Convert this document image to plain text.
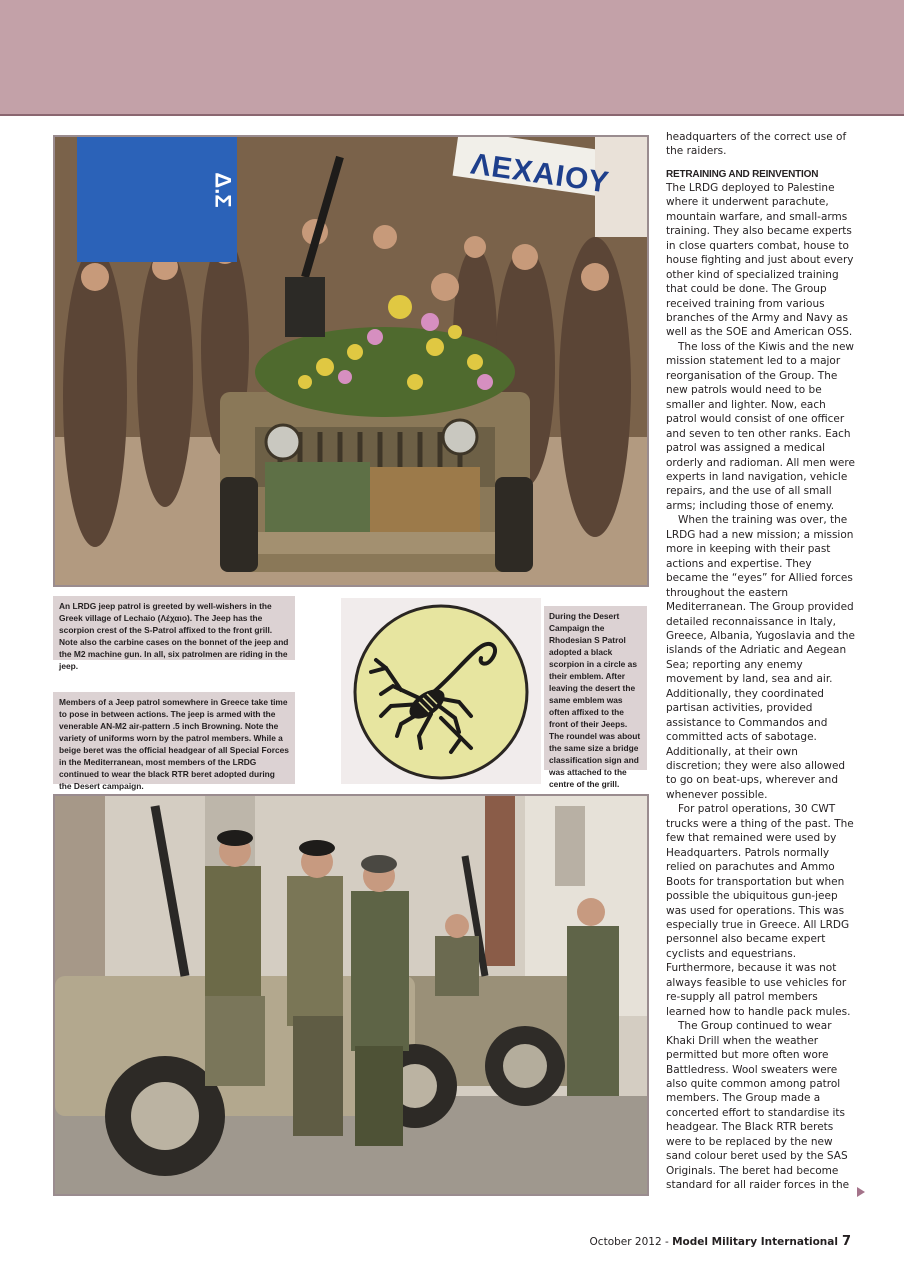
ΛΕΧΑΙΟΥ
Δ.Σ
An LRDG jeep patrol is greeted by well-wishers in the Greek village of Lechaio (Λέχαιο). The Jeep has the scorpion crest of the S-Patrol affixed to the front grill. Note also the carbine cases on the bonnet of the jeep and the M2 machine gun. In all, six patrolmen are riding in the jeep.
Members of a Jeep patrol somewhere in Greece take time to pose in between actions. The jeep is armed with the venerable AN-M2 air-pattern .5 inch Browning. Note the variety of uniforms worn by the patrol members. While a beige beret was the official headgear of all Special Forces in the Mediterranean, most members of the LRDG continued to wear the black RTR beret adopted during the Desert campaign.
During the Desert Campaign the Rhodesian S Patrol adopted a black scorpion in a circle as their emblem. After leaving the desert the same emblem was often affixed to the front of their Jeeps. The roundel was about the same size a bridge classification sign and was attached to the centre of the grill.

headquarters of the correct use of the raiders.

RETRAINING AND REINVENTION

The LRDG deployed to Palestine where it underwent parachute, mountain warfare, and small-arms training. They also became experts in close quarters combat, house to house fighting and just about every other kind of specialized training that could be done. The Group received training from various branches of the Army and Navy as well as the SOE and American OSS.

The loss of the Kiwis and the new mission statement led to a major reorganisation of the Group. The new patrols would need to be smaller and lighter. Now, each patrol would consist of one officer and seven to ten other ranks. Each patrol was assigned a medical orderly and radioman. All men were experts in land navigation, vehicle repairs, and the use of all small arms; including those of enemy.

When the training was over, the LRDG had a new mission; a mission more in keeping with their past actions and expertise. They became the “eyes” for Allied forces throughout the eastern Mediterranean. The Group provided detailed reconnaissance in Italy, Greece, Albania, Yugoslavia and the islands of the Adriatic and Aegean Sea; reporting any enemy movement by land, sea and air. Additionally, they coordinated partisan activities, provided assistance to Commandos and committed acts of sabotage. Additionally, at their own discretion; they were also allowed to go on beat-ups, wherever and whenever possible.

For patrol operations, 30 CWT trucks were a thing of the past. The few that remained were used by Headquarters. Patrols normally relied on parachutes and Ammo Boots for transportation but when possible the ubiquitous gun-jeep was used for operations. This was especially true in Greece. All LRDG personnel also became expert cyclists and equestrians. Furthermore, because it was not always feasible to use vehicles for re-supply all patrol members learned how to handle pack mules.

The Group continued to wear Khaki Drill when the weather permitted but more often wore Battledress. Wool sweaters were also quite common among patrol members. The Group made a concerted effort to standardise its headgear. The Black RTR berets were to be replaced by the new sand colour beret used by the SAS Originals. The beret had become standard for all raider forces in the

October 2012 - Model Military International 7
